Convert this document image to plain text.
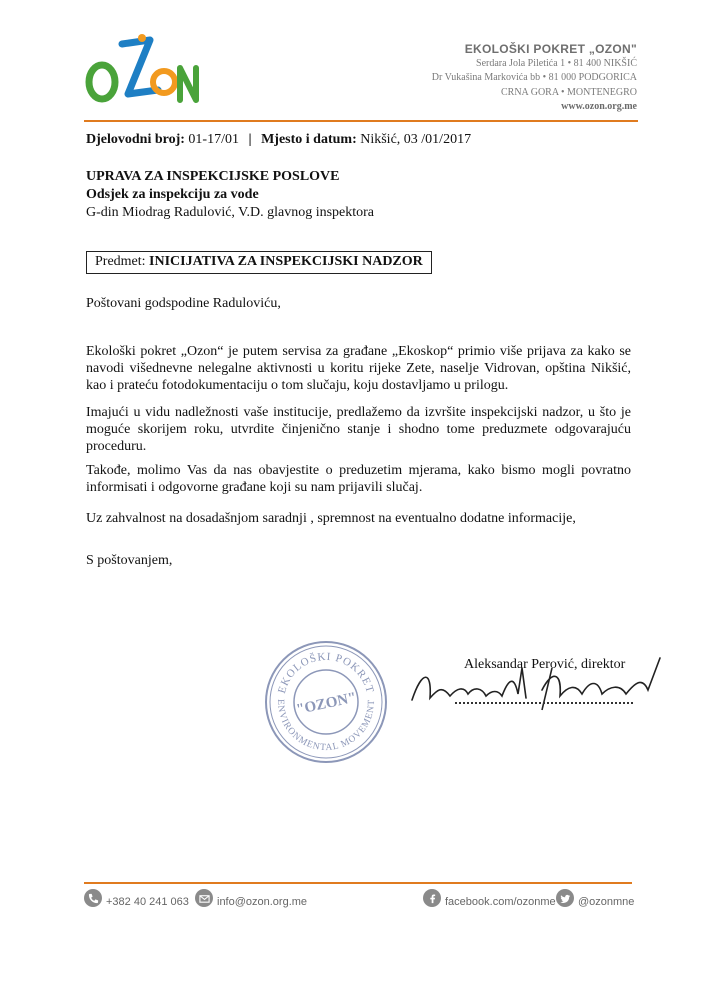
EKOLOŠKI POKRET „OZON"
Serdara Jola Piletića 1 • 81 400 NIKŠIĆ
Dr Vukašina Markovića bb • 81 000 PODGORICA
CRNA GORA • MONTENEGRO
www.ozon.org.me
Djelovodni broj: 01-17/01 | Mjesto i datum: Nikšić, 03 /01/2017
UPRAVA ZA INSPEKCIJSKE POSLOVE
Odsjek za inspekciju za vode
G-din Miodrag Radulović, V.D. glavnog inspektora
Predmet: INICIJATIVA ZA INSPEKCIJSKI NADZOR
Poštovani godspodine Raduloviću,

Ekološki pokret „Ozon“ je putem servisa za građane „Ekoskop“ primio više prijava za kako se navodi višednevne nelegalne aktivnosti u koritu rijeke Zete, naselje Vidrovan, opština Nikšić, kao i prateću fotodokumentaciju o tom slučaju, koju dostavljamo u prilogu.

Imajući u vidu nadležnosti vaše institucije, predlažemo da izvršite inspekcijski nadzor, u što je moguće skorijem roku, utvrdite činjenično stanje i shodno tome preduzmete odgovarajuću proceduru.

Takođe, molimo Vas da nas obavjestite o preduzetim mjerama, kako bismo mogli povratno informisati i odgovorne građane koji su nam prijavili slučaj.

Uz zahvalnost na dosadašnjom saradnji , spremnost na eventualno dodatne informacije,

S poštovanjem,
EKOLOŠKI POKRET
ENVIRONMENTAL MOVEMENT
"OZON"
Aleksandar Perović, direktor
+382 40 241 063	info@ozon.org.me	facebook.com/ozonme @ozonmne
